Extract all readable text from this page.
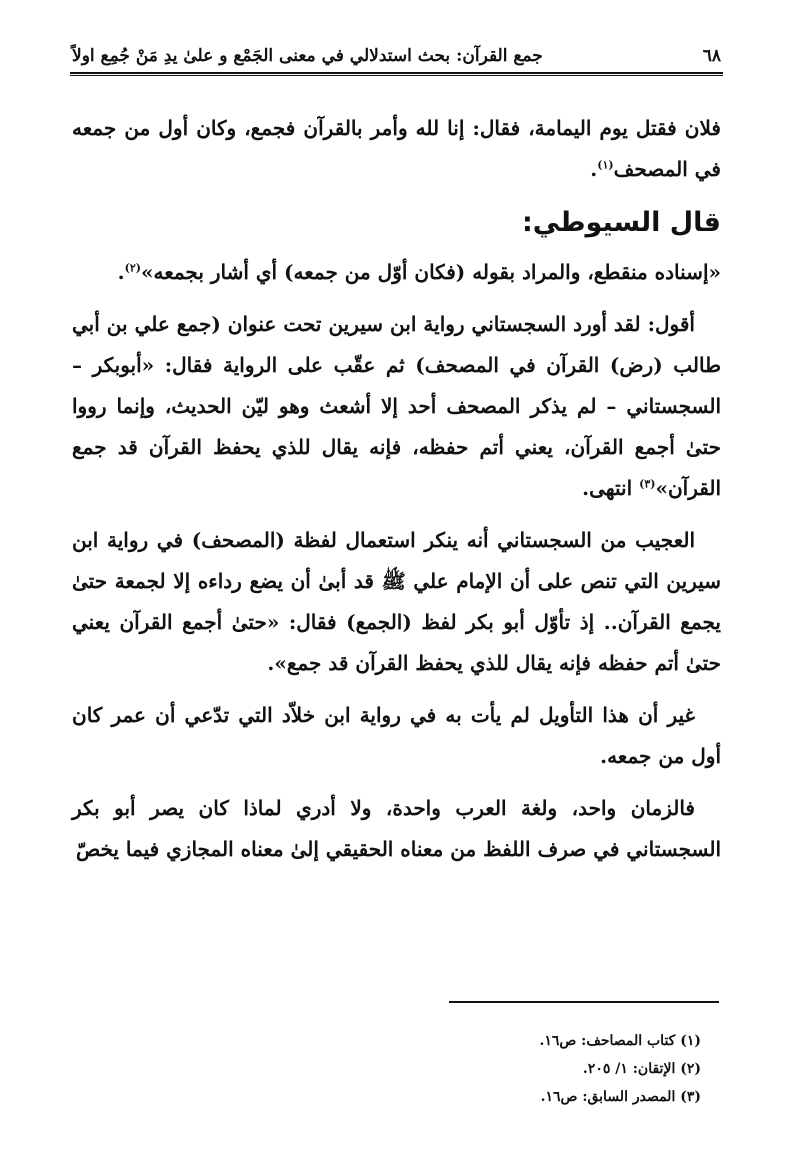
٦٨
جمع القرآن: بحث استدلالي في معنى الجَمْع و علىٰ يدِ مَنْ جُمِع اولاً

فلان فقتل يوم اليمامة، فقال: إنا لله وأمر بالقرآن فجمع، وكان أول من جمعه في المصحف$^{(١)}$.

قال السيوطي:

«إسناده منقطع، والمراد بقوله (فكان أوّل من جمعه) أي أشار بجمعه»$^{(٢)}$.

أقول: لقد أورد السجستاني رواية ابن سيرين تحت عنوان (جمع علي بن أبي طالب (رض) القرآن في المصحف) ثم عقّب على الرواية فقال: «أبوبكر – السجستاني – لم يذكر المصحف أحد إلا أشعث وهو ليّن الحديث، وإنما رووا حتىٰ أجمع القرآن، يعني أتم حفظه، فإنه يقال للذي يحفظ القرآن قد جمع القرآن»$^{(٣)}$ انتهى.

العجيب من السجستاني أنه ينكر استعمال لفظة (المصحف) في رواية ابن سيرين التي تنص على أن الإمام علي ﷺ قد أبىٰ أن يضع رداءه إلا لجمعة حتىٰ يجمع القرآن.. إذ تأوّل أبو بكر لفظ (الجمع) فقال: «حتىٰ أجمع القرآن يعني حتىٰ أتم حفظه فإنه يقال للذي يحفظ القرآن قد جمع».

غير أن هذا التأويل لم يأت به في رواية ابن خلاّد التي تدّعي أن عمر كان أول من جمعه.

فالزمان واحد، ولغة العرب واحدة، ولا أدري لماذا كان يصر أبو بكر السجستاني في صرف اللفظ من معناه الحقيقي إلىٰ معناه المجازي فيما يخصّ

(١) كتاب المصاحف: ص١٦.
(٢) الإتقان: ١/ ٢٠٥.
(٣) المصدر السابق: ص١٦.
